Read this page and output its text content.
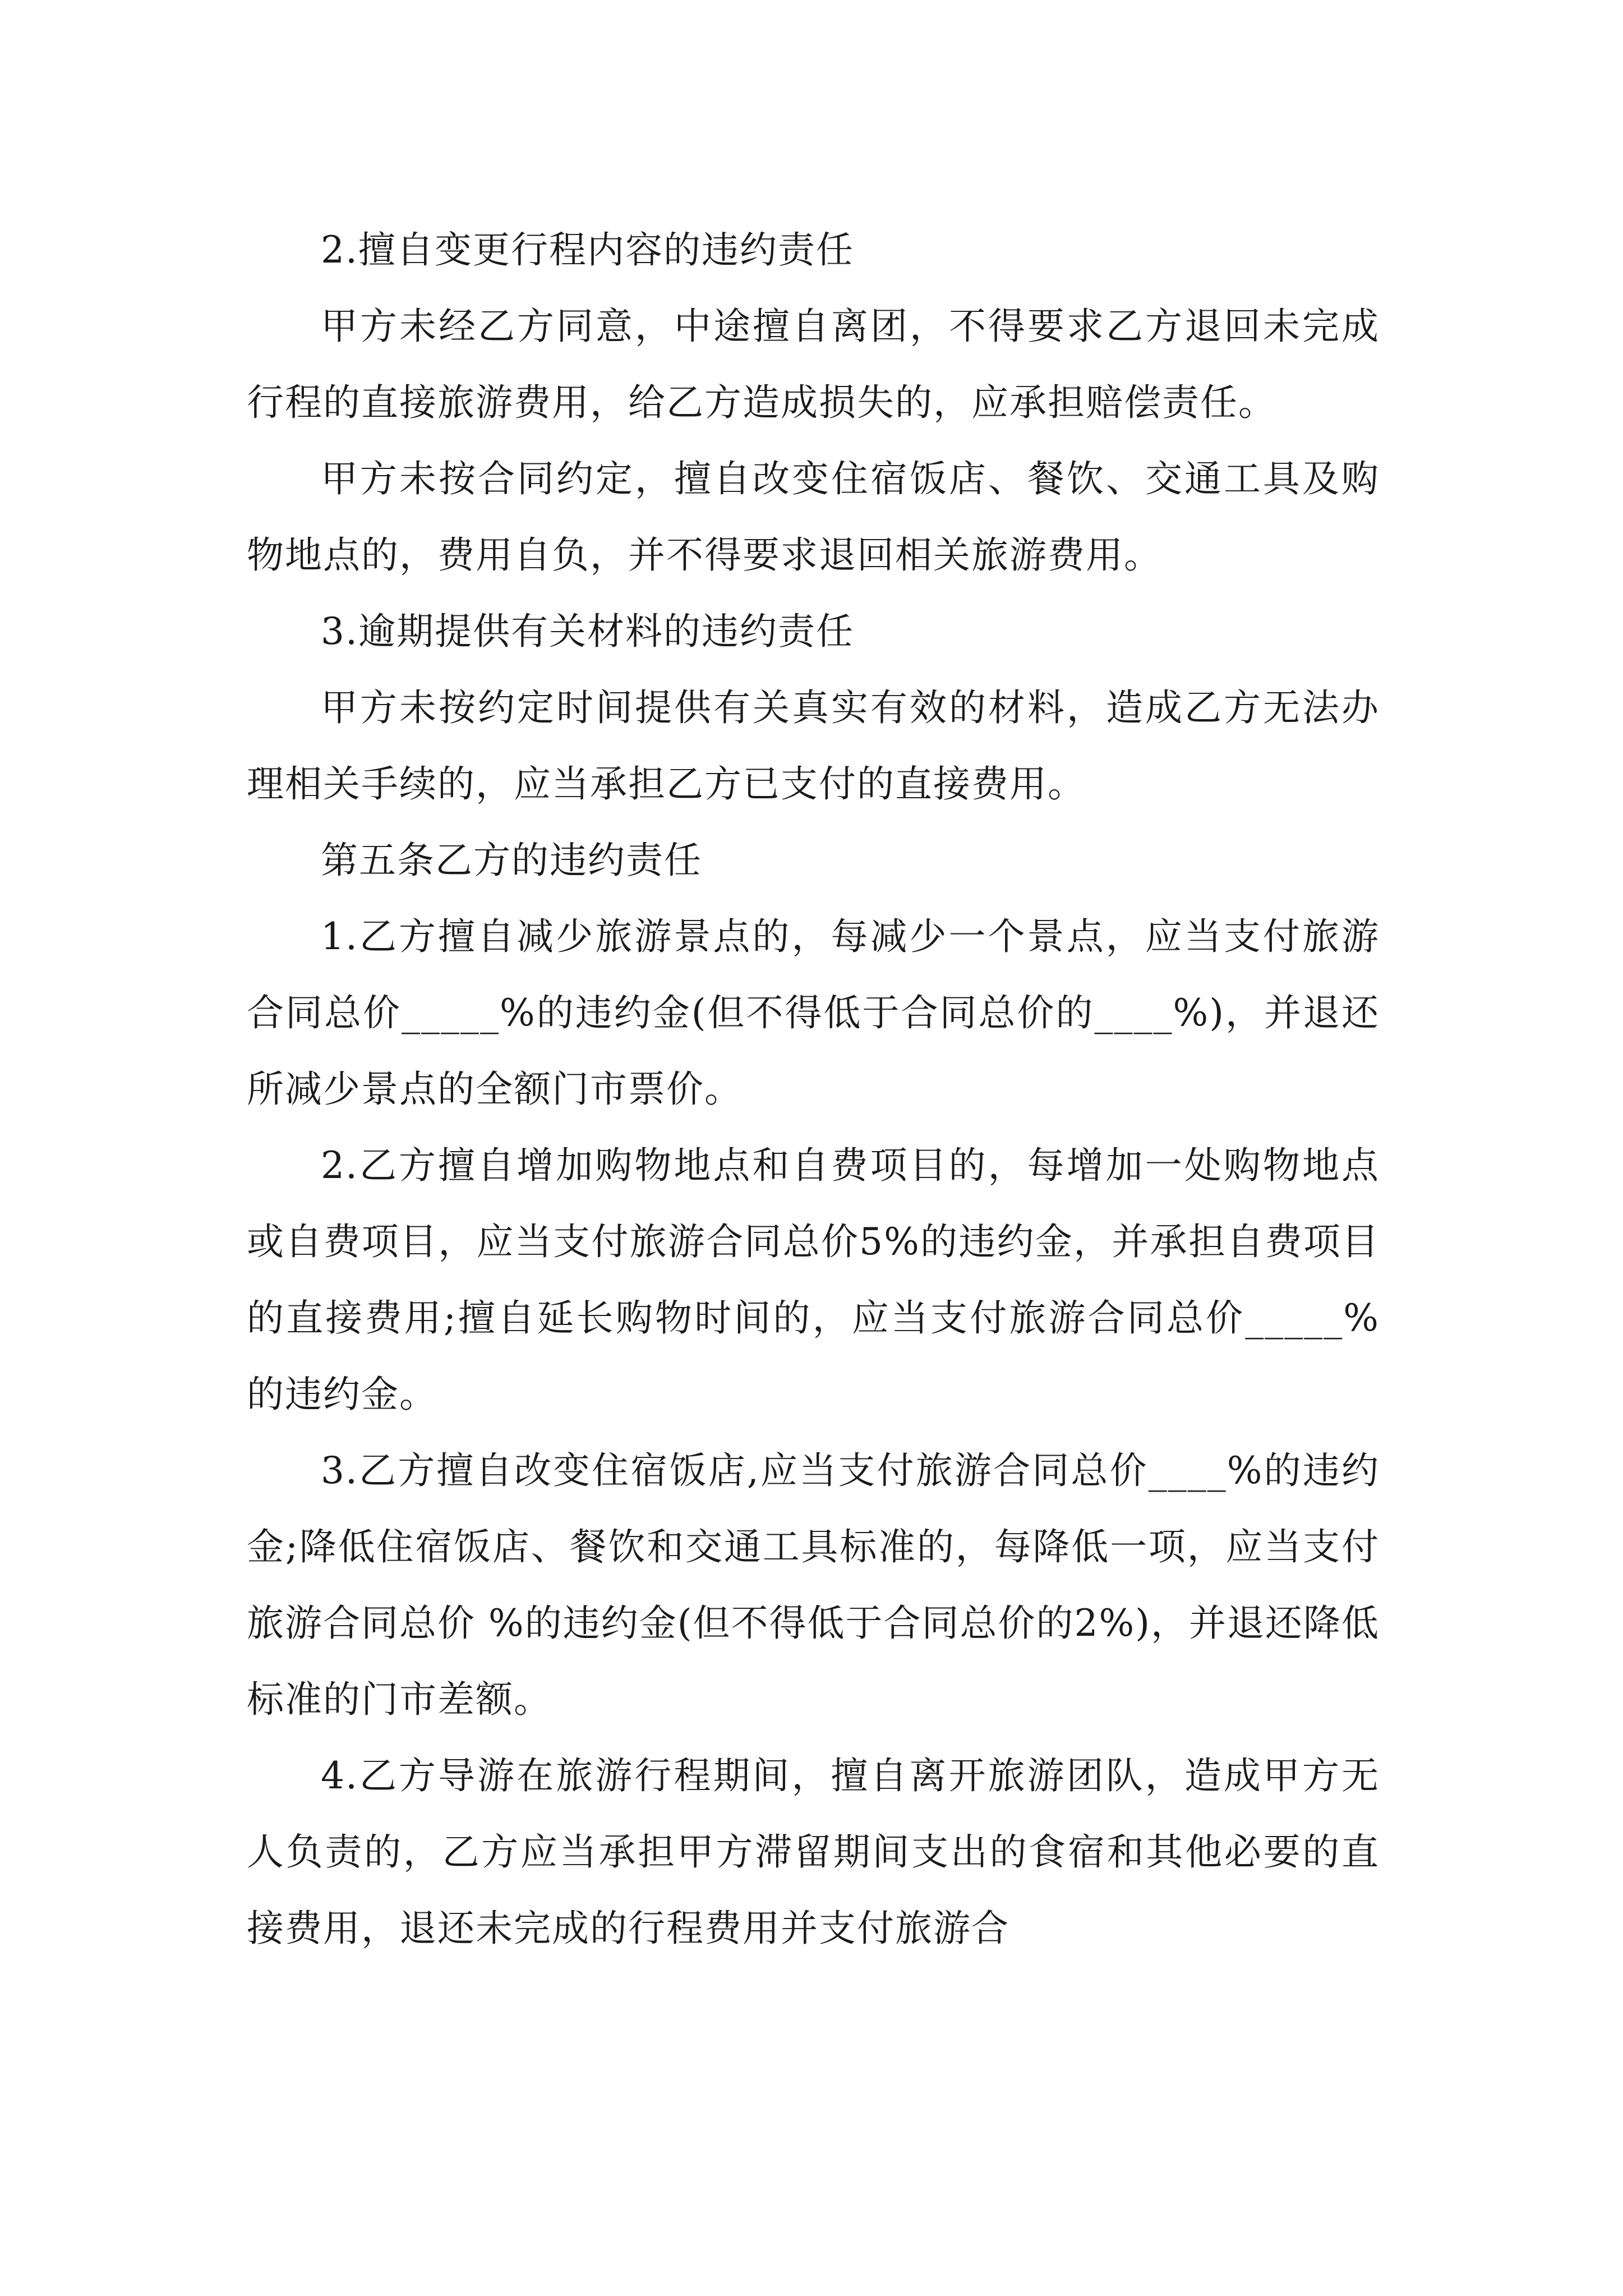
2.擅自变更行程内容的违约责任

甲方未经乙方同意，中途擅自离团，不得要求乙方退回未完成行程的直接旅游费用，给乙方造成损失的，应承担赔偿责任。

甲方未按合同约定，擅自改变住宿饭店、餐饮、交通工具及购物地点的，费用自负，并不得要求退回相关旅游费用。

3.逾期提供有关材料的违约责任

甲方未按约定时间提供有关真实有效的材料，造成乙方无法办理相关手续的，应当承担乙方已支付的直接费用。

第五条乙方的违约责任

1.乙方擅自减少旅游景点的，每减少一个景点，应当支付旅游合同总价_____%的违约金(但不得低于合同总价的____%)，并退还所减少景点的全额门市票价。

2.乙方擅自增加购物地点和自费项目的，每增加一处购物地点或自费项目，应当支付旅游合同总价5%的违约金，并承担自费项目的直接费用;擅自延长购物时间的，应当支付旅游合同总价_____%的违约金。

3.乙方擅自改变住宿饭店,应当支付旅游合同总价____%的违约金;降低住宿饭店、餐饮和交通工具标准的，每降低一项，应当支付旅游合同总价 %的违约金(但不得低于合同总价的2%)，并退还降低标准的门市差额。

4.乙方导游在旅游行程期间，擅自离开旅游团队，造成甲方无人负责的，乙方应当承担甲方滞留期间支出的食宿和其他必要的直接费用，退还未完成的行程费用并支付旅游合
